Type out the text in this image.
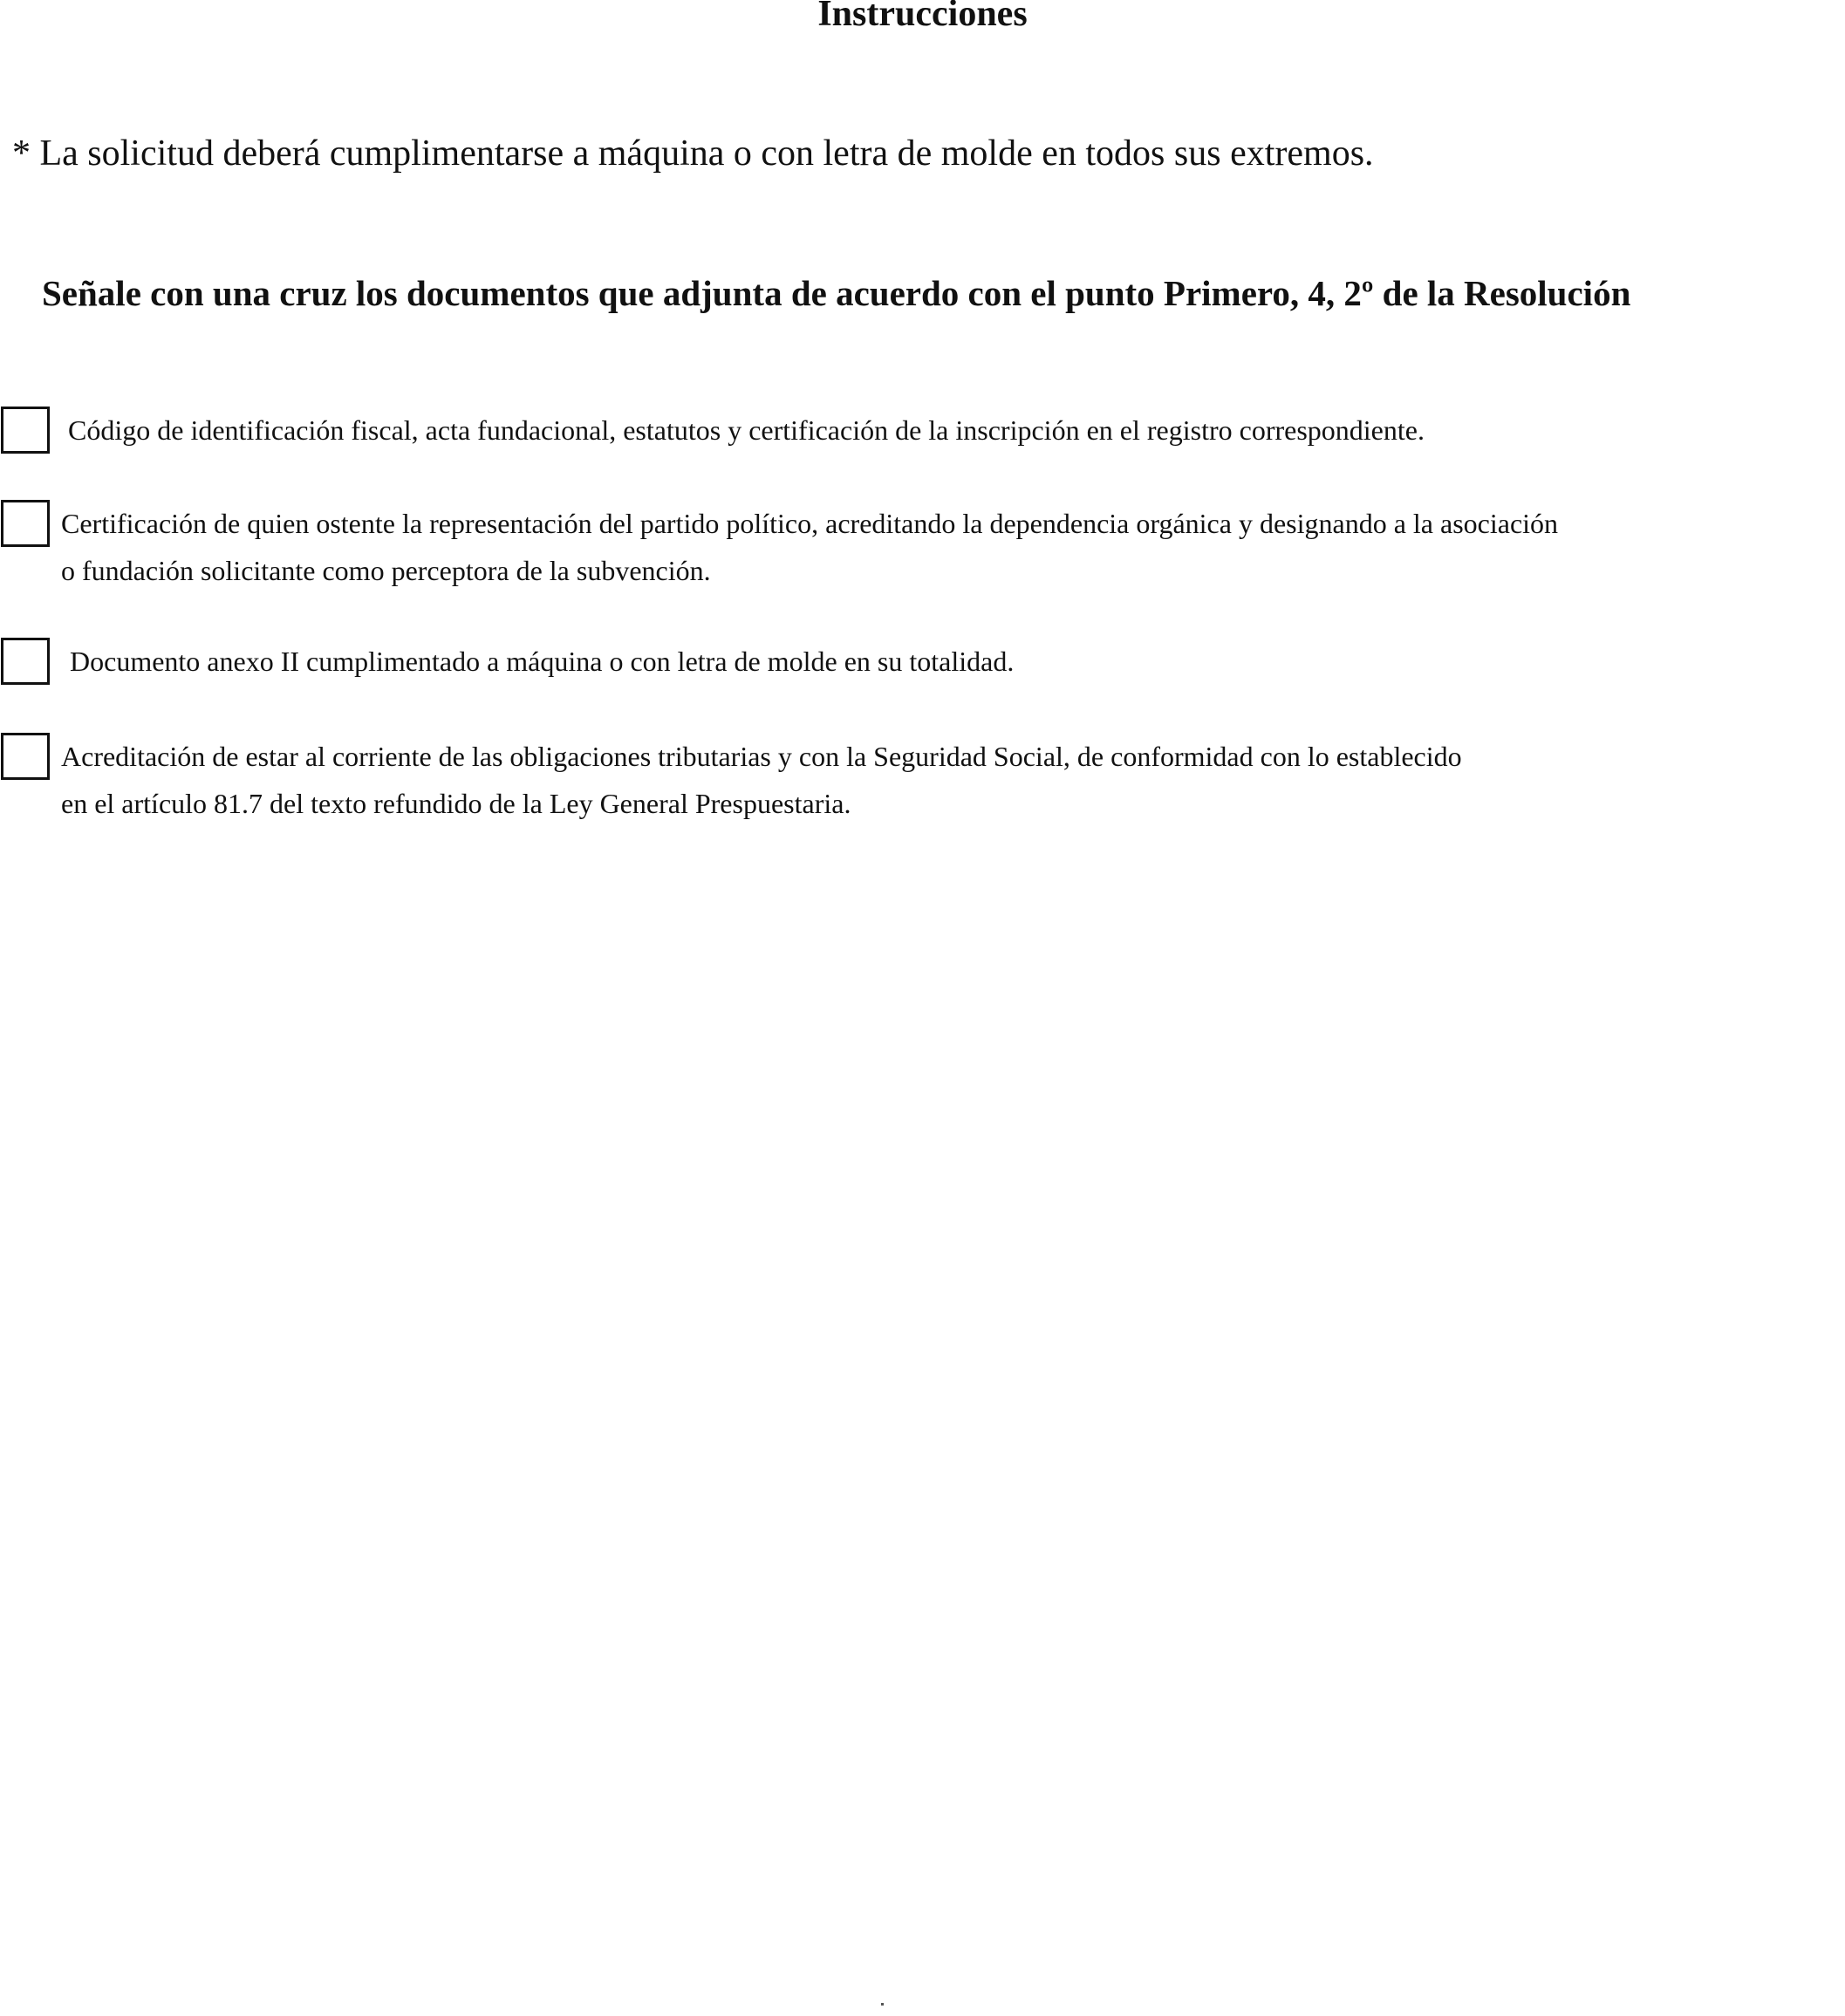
Instrucciones
* La solicitud deberá cumplimentarse a máquina o con letra de molde en todos sus extremos.
Señale con una cruz los documentos que adjunta de acuerdo con el punto Primero, 4, 2º de la Resolución
Código de identificación fiscal, acta fundacional, estatutos y certificación de la inscripción en el registro correspondiente.
Certificación de quien ostente la representación del partido político, acreditando la dependencia orgánica y designando a la asociación
o fundación solicitante como perceptora de la subvención.
Documento anexo II cumplimentado a máquina o con letra de molde en su totalidad.
Acreditación de estar al corriente de las obligaciones tributarias y con la Seguridad Social, de conformidad con lo establecido
en el artículo 81.7 del texto refundido de la Ley General Prespuestaria.
